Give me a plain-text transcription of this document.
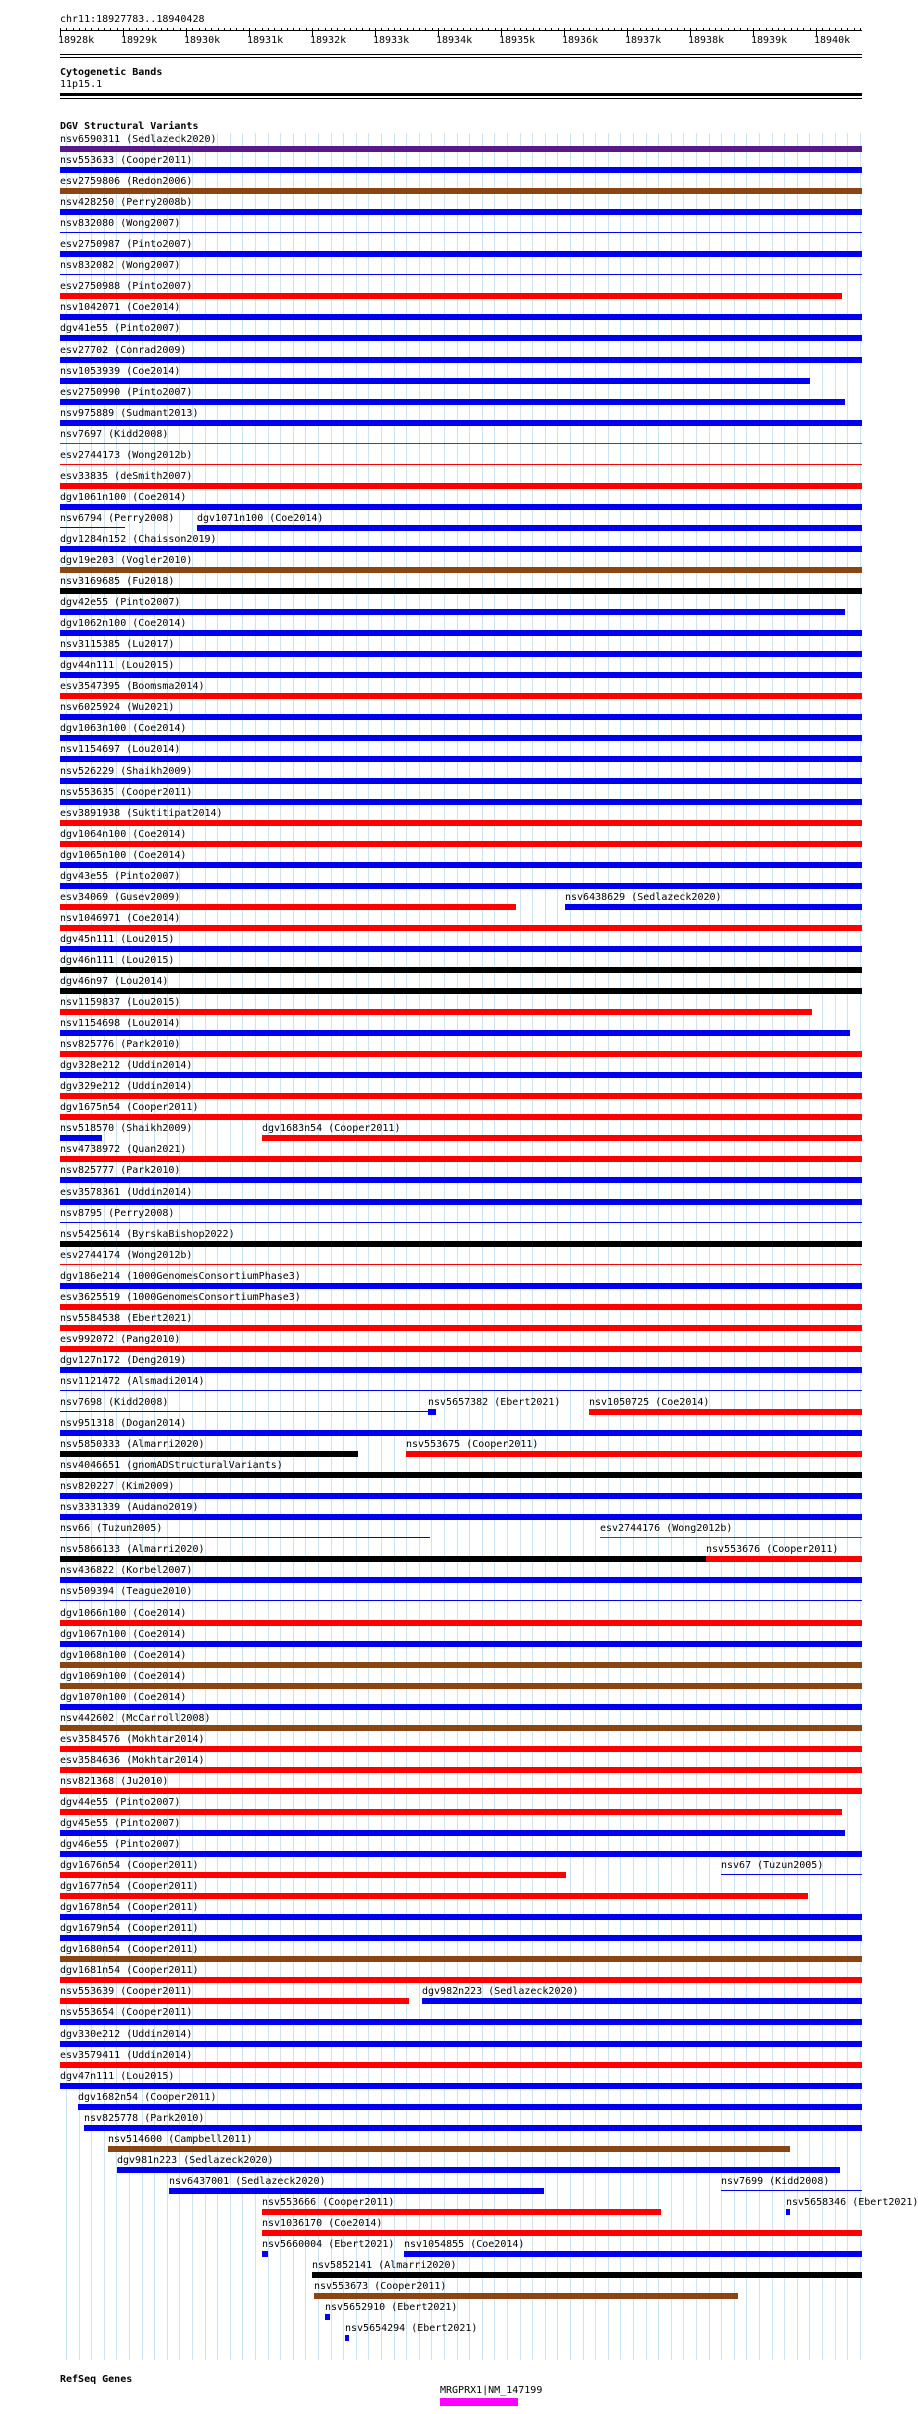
chr11:18927783..18940428
18928k	18929k	18930k	18931k	18932k	18933k	18934k	18935k	18936k	18937k	18938k	18939k	18940k
Cytogenetic Bands
11p15.1
DGV Structural Variants
nsv6590311 (Sedlazeck2020)
nsv553633 (Cooper2011)
esv2759806 (Redon2006)
nsv428250 (Perry2008b)
nsv832080 (Wong2007)
esv2750987 (Pinto2007)
nsv832082 (Wong2007)
esv2750988 (Pinto2007)
nsv1042071 (Coe2014)
dgv41e55 (Pinto2007)
esv27702 (Conrad2009)
nsv1053939 (Coe2014)
esv2750990 (Pinto2007)
nsv975889 (Sudmant2013)
nsv7697 (Kidd2008)
esv2744173 (Wong2012b)
esv33835 (deSmith2007)
dgv1061n100 (Coe2014)
nsv6794 (Perry2008) dgv1071n100 (Coe2014)
dgv1284n152 (Chaisson2019)
dgv19e203 (Vogler2010)
nsv3169685 (Fu2018)
dgv42e55 (Pinto2007)
dgv1062n100 (Coe2014)
nsv3115385 (Lu2017)
dgv44n111 (Lou2015)
esv3547395 (Boomsma2014)
nsv6025924 (Wu2021)
dgv1063n100 (Coe2014)
nsv1154697 (Lou2014)
nsv526229 (Shaikh2009)
nsv553635 (Cooper2011)
esv3891938 (Suktitipat2014)
dgv1064n100 (Coe2014)
dgv1065n100 (Coe2014)
dgv43e55 (Pinto2007)
esv34069 (Gusev2009)	nsv6438629 (Sedlazeck2020)
nsv1046971 (Coe2014)
dgv45n111 (Lou2015)
dgv46n111 (Lou2015)
dgv46n97 (Lou2014)
nsv1159837 (Lou2015)
nsv1154698 (Lou2014)
nsv825776 (Park2010)
dgv328e212 (Uddin2014)
dgv329e212 (Uddin2014)
dgv1675n54 (Cooper2011)
nsv518570 (Shaikh2009)	dgv1683n54 (Cooper2011)
nsv4738972 (Quan2021)
nsv825777 (Park2010)
esv3578361 (Uddin2014)
nsv8795 (Perry2008)
nsv5425614 (ByrskaBishop2022)
esv2744174 (Wong2012b)
dgv186e214 (1000GenomesConsortiumPhase3)
esv3625519 (1000GenomesConsortiumPhase3)
nsv5584538 (Ebert2021)
esv992072 (Pang2010)
dgv127n172 (Deng2019)
nsv1121472 (Alsmadi2014)
nsv7698 (Kidd2008)	nsv5657382 (Ebert2021)	nsv1050725 (Coe2014)
nsv951318 (Dogan2014)
nsv5850333 (Almarri2020)	nsv553675 (Cooper2011)
nsv4046651 (gnomADStructuralVariants)
nsv820227 (Kim2009)
nsv3331339 (Audano2019)
nsv66 (Tuzun2005)	esv2744176 (Wong2012b)
nsv5866133 (Almarri2020)	nsv553676 (Cooper2011)
nsv436822 (Korbel2007)
nsv509394 (Teague2010)
dgv1066n100 (Coe2014)
dgv1067n100 (Coe2014)
dgv1068n100 (Coe2014)
dgv1069n100 (Coe2014)
dgv1070n100 (Coe2014)
nsv442602 (McCarroll2008)
esv3584576 (Mokhtar2014)
esv3584636 (Mokhtar2014)
nsv821368 (Ju2010)
dgv44e55 (Pinto2007)
dgv45e55 (Pinto2007)
dgv46e55 (Pinto2007)
dgv1676n54 (Cooper2011)	nsv67 (Tuzun2005)
dgv1677n54 (Cooper2011)
dgv1678n54 (Cooper2011)
dgv1679n54 (Cooper2011)
dgv1680n54 (Cooper2011)
dgv1681n54 (Cooper2011)
nsv553639 (Cooper2011)	dgv982n223 (Sedlazeck2020)
nsv553654 (Cooper2011)
dgv330e212 (Uddin2014)
esv3579411 (Uddin2014)
dgv47n111 (Lou2015)
dgv1682n54 (Cooper2011)
nsv825778 (Park2010)
nsv514600 (Campbell2011)
dgv981n223 (Sedlazeck2020)
nsv6437001 (Sedlazeck2020)	nsv7699 (Kidd2008)
nsv553666 (Cooper2011)	nsv5658346 (Ebert2021)
nsv1036170 (Coe2014)
nsv5660004 (Ebert2021) nsv1054855 (Coe2014)
nsv5852141 (Almarri2020)
nsv553673 (Cooper2011)
nsv5652910 (Ebert2021)
nsv5654294 (Ebert2021)
RefSeq Genes
MRGPRX1|NM_147199
